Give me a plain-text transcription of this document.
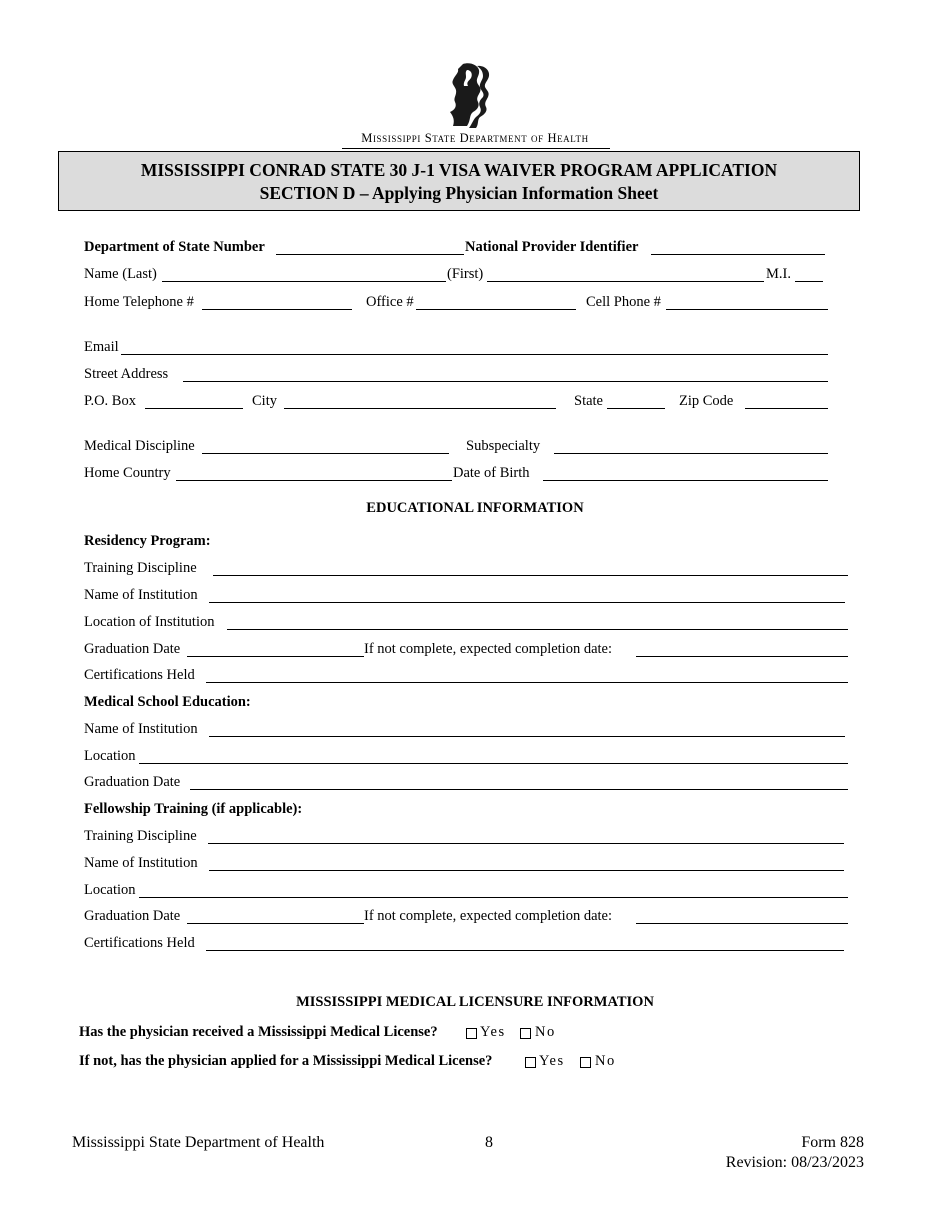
Mississippi State Department of Health
MISSISSIPPI CONRAD STATE 30 J-1 VISA WAIVER PROGRAM APPLICATION
SECTION D – Applying Physician Information Sheet
Department of State Number	National Provider Identifier
Name (Last)	(First)	M.I.
Home Telephone #	Office #	Cell Phone #
Email
Street Address
P.O. Box	City	State	Zip Code
Medical Discipline	Subspecialty
Home Country	Date of Birth
EDUCATIONAL INFORMATION
Residency Program:
Training Discipline
Name of Institution
Location of Institution
Graduation Date	If not complete, expected completion date:
Certifications Held
Medical School Education:
Name of Institution
Location
Graduation Date
Fellowship Training (if applicable):
Training Discipline
Name of Institution
Location
Graduation Date	If not complete, expected completion date:
Certifications Held
MISSISSIPPI MEDICAL LICENSURE INFORMATION
Has the physician received a Mississippi Medical License?	Yes No
If not, has the physician applied for a Mississippi Medical License?	Yes No
Mississippi State Department of Health	8	Form 828
Revision: 08/23/2023
